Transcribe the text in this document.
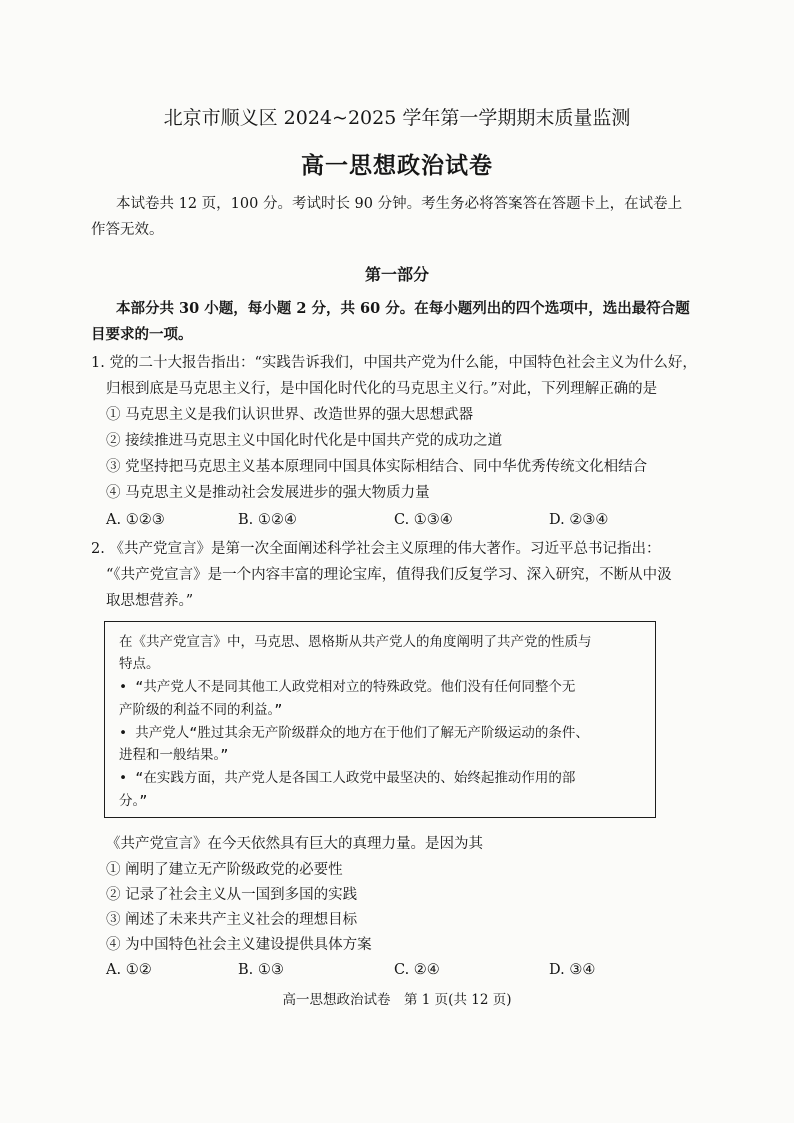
北京市顺义区 2024~2025 学年第一学期期末质量监测
高一思想政治试卷
本试卷共 12 页，100 分。考试时长 90 分钟。考生务必将答案答在答题卡上，在试卷上
作答无效。
第一部分
本部分共 30 小题，每小题 2 分，共 60 分。在每小题列出的四个选项中，选出最符合题
目要求的一项。
1. 党的二十大报告指出：“实践告诉我们，中国共产党为什么能，中国特色社会主义为什么好，
归根到底是马克思主义行，是中国化时代化的马克思主义行。”对此，下列理解正确的是
① 马克思主义是我们认识世界、改造世界的强大思想武器
② 接续推进马克思主义中国化时代化是中国共产党的成功之道
③ 党坚持把马克思主义基本原理同中国具体实际相结合、同中华优秀传统文化相结合
④ 马克思主义是推动社会发展进步的强大物质力量
A. ①②③	B. ①②④	C. ①③④	D. ②③④
2. 《共产党宣言》是第一次全面阐述科学社会主义原理的伟大著作。习近平总书记指出：
“《共产党宣言》是一个内容丰富的理论宝库，值得我们反复学习、深入研究，不断从中汲
取思想营养。”
在《共产党宣言》中，马克思、恩格斯从共产党人的角度阐明了共产党的性质与
特点。
• “共产党人不是同其他工人政党相对立的特殊政党。他们没有任何同整个无
产阶级的利益不同的利益。”
• 共产党人“胜过其余无产阶级群众的地方在于他们了解无产阶级运动的条件、
进程和一般结果。”
• “在实践方面，共产党人是各国工人政党中最坚决的、始终起推动作用的部
分。”
《共产党宣言》在今天依然具有巨大的真理力量。是因为其
① 阐明了建立无产阶级政党的必要性
② 记录了社会主义从一国到多国的实践
③ 阐述了未来共产主义社会的理想目标
④ 为中国特色社会主义建设提供具体方案
A. ①②	B. ①③	C. ②④	D. ③④
高一思想政治试卷　第 1 页(共 12 页)
